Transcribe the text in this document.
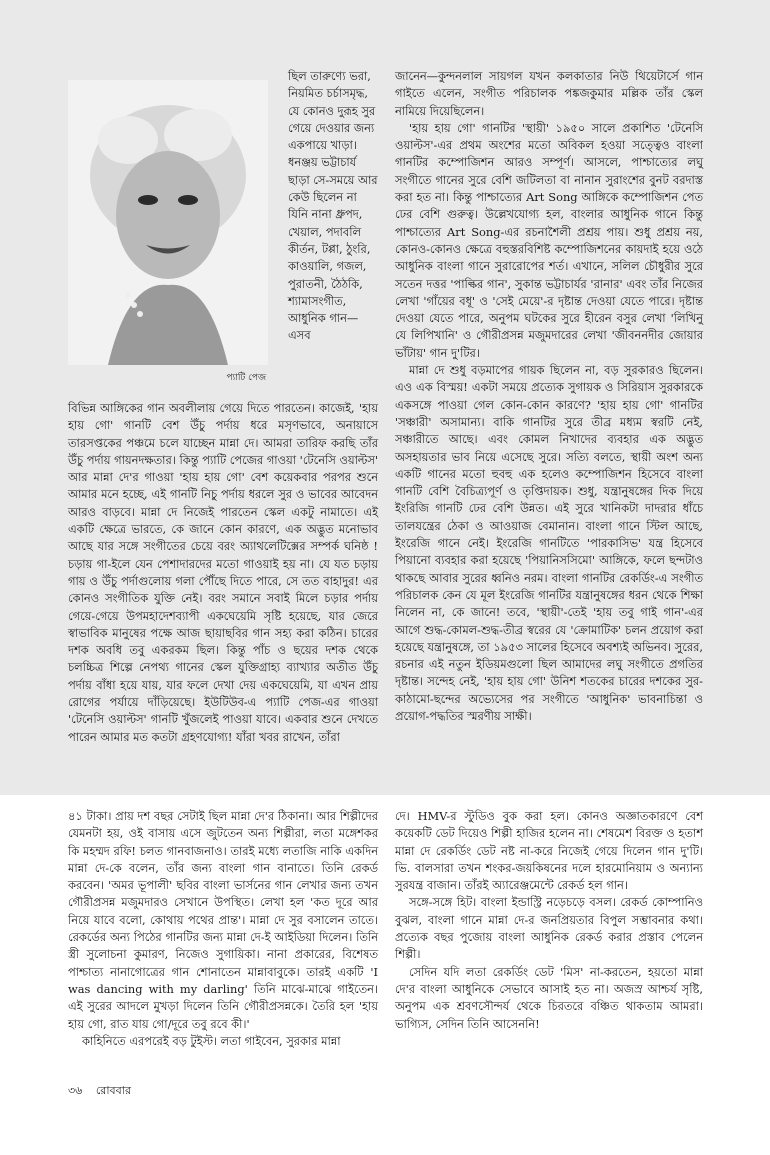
প্যাটি পেজ
ছিল তারুণ্যে ভরা, নিয়মিত চর্চাসমৃদ্ধ, যে কোনও দুরূহ সুর গেয়ে দেওয়ার জন্য একপায়ে খাড়া। ধনঞ্জয় ভট্টাচার্য ছাড়া সে-সময়ে আর কেউ ছিলেন না যিনি নানা ধ্রুপদ, খেয়াল, পদাবলি কীর্তন, টপ্পা, ঠুংরি, কাওয়ালি, গজল, পুরাতনী, ঠৈঠকি, শ্যামাসংগীত, আধুনিক গান—এসব

বিভিন্ন আঙ্গিকের গান অবলীলায় গেয়ে দিতে পারতেন। কাজেই, 'হায় হায় গো' গানটি বেশ উঁচু পর্দায় ধরে মসৃণভাবে, অনায়াসে তারসপ্তকের পঞ্চমে চলে যাচ্ছেন মান্না দে। আমরা তারিফ করছি তাঁর উঁচু পর্দায় গায়নদক্ষতার। কিন্তু প্যাটি পেজের গাওয়া 'টেনেসি ওয়াল্টস' আর মান্না দে'র গাওয়া 'হায় হায় গো' বেশ কয়েকবার পরপর শুনে আমার মনে হচ্ছে, এই গানটি নিচু পর্দায় ধরলে সুর ও ভাবের আবেদন আরও বাড়বে। মান্না দে নিজেই পারতেন স্কেল একটু নামাতে। এই একটি ক্ষেত্রে ভারতে, কে জানে কোন কারণে, এক অদ্ভুত মনোভাব আছে যার সঙ্গে সংগীতের চেয়ে বরং অ্যাথলেটিক্সের সম্পর্ক ঘনিষ্ঠ ! চড়ায় গা-ইলে যেন পেশাদারদের মতো গাওয়াই হয় না। যে যত চড়ায় গায় ও উঁচু পর্দাগুলোয় গলা পৌঁছে দিতে পারে, সে তত বাহাদুর! এর কোনও সংগীতিক যুক্তি নেই। বরং সমানে সবাই মিলে চড়ার পর্দায় গেয়ে-গেয়ে উপমহাদেশব্যাপী একঘেয়েমি সৃষ্টি হয়েছে, যার জেরে স্বাভাবিক মানুষের পক্ষে আজ ছায়াছবির গান সহ্য করা কঠিন। চারের দশক অবধি তবু একরকম ছিল। কিন্তু পাঁচ ও ছয়ের দশক থেকে চলচ্চিত্র শিল্পে নেপথ্য গানের স্কেল যুক্তিগ্রাহ্য ব্যাখ্যার অতীত উঁচু পর্দায় বাঁধা হয়ে যায়, যার ফলে দেখা দেয় একঘেয়েমি, যা এখন প্রায় রোগের পর্যায়ে দাঁড়িয়েছে। ইউটিউব-এ প্যাটি পেজ-এর গাওয়া 'টেনেসি ওয়াল্টস' গানটি খুঁজলেই পাওয়া যাবে। একবার শুনে দেখতে পারেন আমার মত কতটা গ্রহণযোগ্য! যাঁরা খবর রাখেন, তাঁরা

জানেন—কুন্দনলাল সায়গল যখন কলকাতার নিউ থিয়েটার্সে গান গাইতে এলেন, সংগীত পরিচালক পঙ্কজকুমার মল্লিক তাঁর স্কেল নামিয়ে দিয়েছিলেন।

'হায় হায় গো' গানটির 'স্থায়ী' ১৯৫০ সালে প্রকাশিত 'টেনেসি ওয়াল্টস'-এর প্রথম অংশের মতো অবিকল হওয়া সত্ত্বেও বাংলা গানটির কম্পোজিশন আরও সম্পূর্ণ। আসলে, পাশ্চাত্যের লঘু সংগীতে গানের সুরে বেশি জটিলতা বা নানান সুরাংশের বুনট বরদাস্ত করা হত না। কিন্তু পাশ্চাত্যের Art Song আঙ্গিকে কম্পোজিশন পেত ঢের বেশি গুরুত্ব। উল্লেখযোগ্য হল, বাংলার আধুনিক গানে কিন্তু পাশ্চাত্যের Art Song-এর রচনাশৈলী প্রশ্রয় পায়। শুধু প্রশ্রয় নয়, কোনও-কোনও ক্ষেত্রে বহুস্তরবিশিষ্ট কম্পোজিশনের কায়দাই হয়ে ওঠে আধুনিক বাংলা গানে সুরারোপের শর্ত। এখানে, সলিল চৌধুরীর সুরে সতেন দত্তর 'পাল্কির গান', সুকান্ত ভট্টাচার্যর 'রানার' এবং তাঁর নিজের লেখা 'গাঁয়ের বধূ' ও 'সেই মেয়ে'-র দৃষ্টান্ত দেওয়া যেতে পারে। দৃষ্টান্ত দেওয়া যেতে পারে, অনুপম ঘটকের সুরে হীরেন বসুর লেখা 'লিখিনু যে লিপিখানি' ও গৌরীপ্রসন্ন মজুমদারের লেখা 'জীবননদীর জোয়ার ভাঁটায়' গান দু'টির।

মান্না দে শুধু বড়মাপের গায়ক ছিলেন না, বড় সুরকারও ছিলেন। এও এক বিস্ময়! একটা সময়ে প্রত্যেক সুগায়ক ও সিরিয়াস সুরকারকে একসঙ্গে পাওয়া গেল কোন-কোন কারণে? 'হায় হায় গো' গানটির 'সঞ্চারী' অসামান্য। বাকি গানটির সুরে তীব্র মধ্যম স্বরটি নেই, সঞ্চারীতে আছে। এবং কোমল নিখাদের ব্যবহার এক অদ্ভুত অসহায়তার ভাব নিয়ে এসেছে সুরে। সত্যি বলতে, স্থায়ী অংশ অন্য একটি গানের মতো হুবহু এক হলেও কম্পোজিশন হিসেবে বাংলা গানটি বেশি বৈচিত্র্যপূর্ণ ও তৃপ্তিদায়ক। শুধু, যন্ত্রানুষঙ্গের দিক দিয়ে ইংরিজি গানটি ঢের বেশি উন্নত। এই সুরে খানিকটা দাদরার ধাঁচে তালযন্ত্রের ঠেকা ও আওয়াজ বেমানান। বাংলা গানে স্টিল আছে, ইংরেজি গানে নেই। ইংরেজি গানটিতে 'পারকাসিভ' যন্ত্র হিসেবে পিয়ানো ব্যবহার করা হয়েছে 'পিয়ানিসসিমো' আঙ্গিকে, ফলে ছন্দটাও থাকছে আবার সুরের ধ্বনিও নরম। বাংলা গানটির রেকর্ডিং-এ সংগীত পরিচালক কেন যে মূল ইংরেজি গানটির যন্ত্রানুষঙ্গের ধরন থেকে শিক্ষা নিলেন না, কে জানে! তবে, 'স্থায়ী'-তেই 'হায় তবু গাই গান'-এর আগে শুদ্ধ-কোমল-শুদ্ধ-তীব্র স্বরের যে 'ক্রোমাটিক' চলন প্রয়োগ করা হয়েছে যন্ত্রানুষঙ্গে, তা ১৯৫৩ সালের হিসেবে অবশ্যই অভিনব। সুরের, রচনার এই নতুন ইডিয়মগুলো ছিল আমাদের লঘু সংগীতে প্রগতির দৃষ্টান্ত। সন্দেহ নেই, 'হায় হায় গো' উনিশ শতকের চারের দশকের সুর-কাঠামো-ছন্দের অভ্যেসের পর সংগীতে 'আধুনিক' ভাবনাচিন্তা ও প্রয়োগ-পদ্ধতির স্মরণীয় সাক্ষী।

৪১ টাকা। প্রায় দশ বছর সেটাই ছিল মান্না দে'র ঠিকানা। আর শিল্পীদের যেমনটা হয়, ওই বাসায় এসে জুটতেন অন্য শিল্পীরা, লতা মঙ্গেশকর কি মহম্মদ রফি! চলত গানবাজনাও। তারই মধ্যে লতাজি নাকি একদিন মান্না দে-কে বলেন, তাঁর জন্য বাংলা গান বানাতে। তিনি রেকর্ড করবেন। 'অমর ভূপালী' ছবির বাংলা ভার্সনের গান লেখার জন্য তখন গৌরীপ্রসন্ন মজুমদারও সেখানে উপস্থিত। লেখা হল 'কত দূরে আর নিয়ে যাবে বলো, কোথায় পথের প্রান্ত'। মান্না দে সুর বসালেন তাতে। রেকর্ডের অন্য পিঠের গানটির জন্য মান্না দে-ই আইডিয়া দিলেন। তিনি স্ত্রী সুলোচনা কুমারণ, নিজেও সুগায়িকা। নানা প্রকারের, বিশেষত পাশ্চাত্য নানাগোত্রের গান শোনাতেন মান্নাবাবুকে। তারই একটি 'I was dancing with my darling' তিনি মাঝে-মাঝে গাইতেন। এই সুরের আদলে মুখড়া দিলেন তিনি গৌরীপ্রসন্নকে। তৈরি হল 'হায় হায় গো, রাত যায় গো/দূরে তবু রবে কী।'

কাহিনিতে এরপরেই বড় টুইস্ট। লতা গাইবেন, সুরকার মান্না

দে। HMV-র স্টুডিও বুক করা হল। কোনও অজ্ঞাতকারণে বেশ কয়েকটি ডেট দিয়েও শিল্পী হাজির হলেন না। শেষমেশ বিরক্ত ও হতাশ মান্না দে রেকর্ডিং ডেট নষ্ট না-করে নিজেই গেয়ে দিলেন গান দু'টি। ভি. বালসারা তখন শংকর-জয়কিষনের দলে হারমোনিয়াম ও অন্যান্য সুরযন্ত্র বাজান। তাঁরই অ্যারেঞ্জমেন্টে রেকর্ড হল গান।

সঙ্গে-সঙ্গে হিট। বাংলা ইন্ডাস্ট্রি নড়েচড়ে বসল। রেকর্ড কোম্পানিও বুঝল, বাংলা গানে মান্না দে-র জনপ্রিয়তার বিপুল সম্ভাবনার কথা। প্রত্যেক বছর পুজোয় বাংলা আধুনিক রেকর্ড করার প্রস্তাব পেলেন শিল্পী।

সেদিন যদি লতা রেকর্ডিং ডেট 'মিস' না-করতেন, হয়তো মান্না দে'র বাংলা আধুনিকে সেভাবে আসাই হত না। অজস্র আশ্চর্য সৃষ্টি, অনুপম এক শ্রবণসৌন্দর্য থেকে চিরতরে বঞ্চিত থাকতাম আমরা। ভাগ্যিস, সেদিন তিনি আসেননি!

৩৬ রোববার
